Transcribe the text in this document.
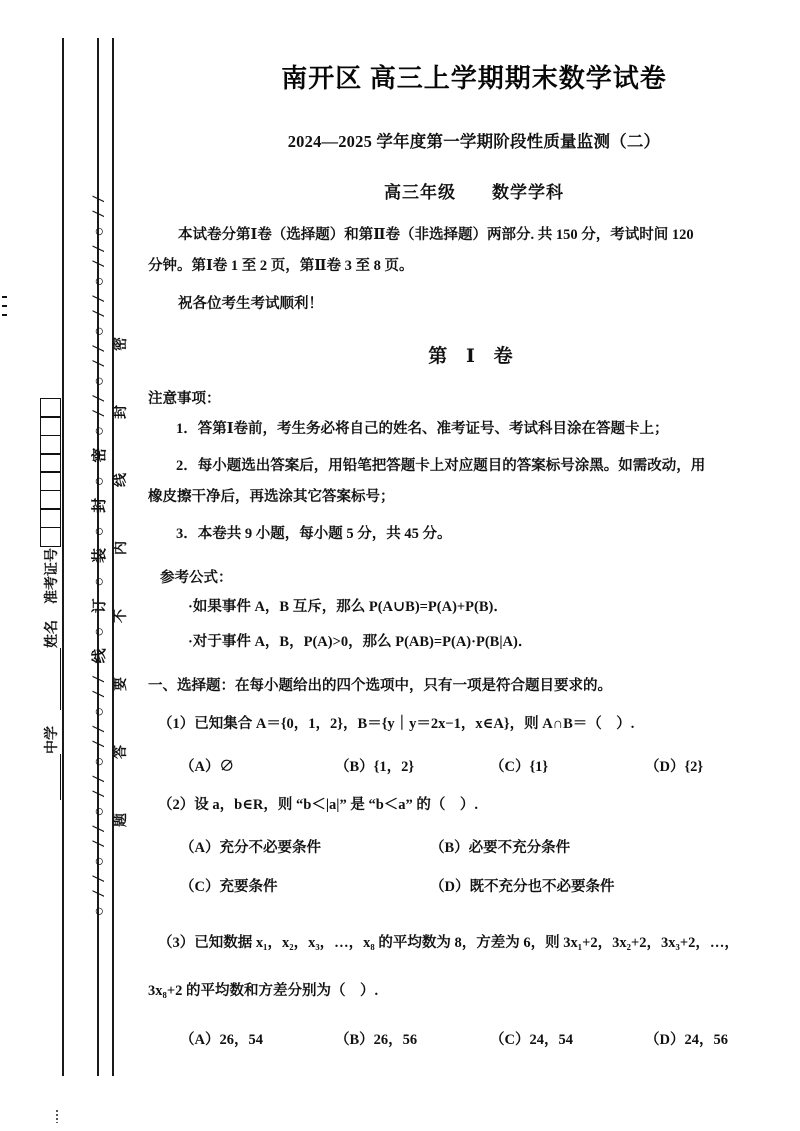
○ / / ○ / / ○ / / ○ / / ○ / / 线 ○ 订 ○ 装 ○ 封 ○ 密 ○ / / ○ / / ○ / / ○ / / ○ / / 题答要不内线封密
中学
姓名
准考证号
南开区 高三上学期期末数学试卷
2024—2025 学年度第一学期阶段性质量监测（二）
高三年级　　数学学科

本试卷分第Ⅰ卷（选择题）和第Ⅱ卷（非选择题）两部分. 共 150 分，考试时间 120

分钟。第Ⅰ卷 1 至 2 页，第Ⅱ卷 3 至 8 页。

祝各位考生考试顺利！

第 Ⅰ 卷
注意事项：
1．答第Ⅰ卷前，考生务必将自己的姓名、准考证号、考试科目涂在答题卡上；
2．每小题选出答案后，用铅笔把答题卡上对应题目的答案标号涂黑。如需改动，用
橡皮擦干净后，再选涂其它答案标号；
3．本卷共 9 小题，每小题 5 分，共 45 分。
参考公式：
·如果事件 A，B 互斥，那么 P(A∪B)=P(A)+P(B)．
·对于事件 A，B，P(A)>0，那么 P(AB)=P(A)·P(B|A)．
一、选择题：在每小题给出的四个选项中，只有一项是符合题目要求的。
（1）已知集合 A＝{0，1，2}，B＝{y｜y＝2x−1，x∈A}，则 A∩B＝（　）.
（A）∅	（B）{1，2}	（C）{1}	（D）{2}
（2）设 a，b∈R，则 “b＜|a|” 是 “b＜a” 的（　）.
（A）充分不必要条件	（B）必要不充分条件
（C）充要条件	（D）既不充分也不必要条件
（3）已知数据 x₁，x₂，x₃，…，x₈ 的平均数为 8，方差为 6，则 3x₁+2，3x₂+2，3x₃+2，…，
3x₈+2 的平均数和方差分别为（　）.
（A）26，54	（B）26，56	（C）24，54	（D）24，56
